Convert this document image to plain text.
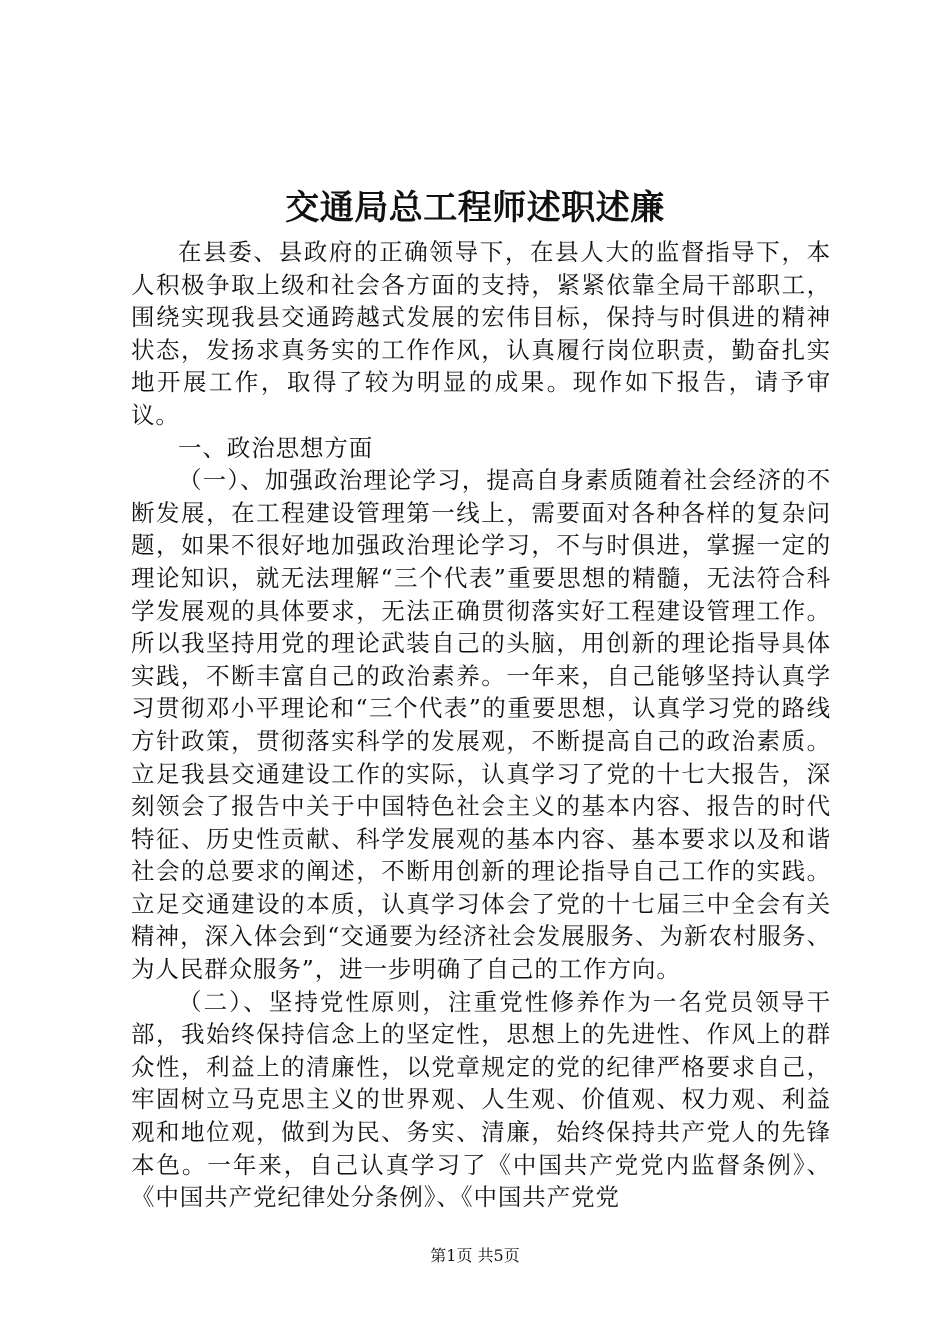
交通局总工程师述职述廉

在县委、县政府的正确领导下，在县人大的监督指导下，本人积极争取上级和社会各方面的支持，紧紧依靠全局干部职工，围绕实现我县交通跨越式发展的宏伟目标，保持与时俱进的精神状态，发扬求真务实的工作作风，认真履行岗位职责，勤奋扎实地开展工作，取得了较为明显的成果。现作如下报告，请予审议。

一、政治思想方面

（一）、加强政治理论学习，提高自身素质随着社会经济的不断发展，在工程建设管理第一线上，需要面对各种各样的复杂问题，如果不很好地加强政治理论学习，不与时俱进，掌握一定的理论知识，就无法理解“三个代表”重要思想的精髓，无法符合科学发展观的具体要求，无法正确贯彻落实好工程建设管理工作。所以我坚持用党的理论武装自己的头脑，用创新的理论指导具体实践，不断丰富自己的政治素养。一年来，自己能够坚持认真学习贯彻邓小平理论和“三个代表”的重要思想，认真学习党的路线方针政策，贯彻落实科学的发展观，不断提高自己的政治素质。立足我县交通建设工作的实际，认真学习了党的十七大报告，深刻领会了报告中关于中国特色社会主义的基本内容、报告的时代特征、历史性贡献、科学发展观的基本内容、基本要求以及和谐社会的总要求的阐述，不断用创新的理论指导自己工作的实践。立足交通建设的本质，认真学习体会了党的十七届三中全会有关精神，深入体会到“交通要为经济社会发展服务、为新农村服务、为人民群众服务”，进一步明确了自己的工作方向。

（二）、坚持党性原则，注重党性修养作为一名党员领导干部，我始终保持信念上的坚定性，思想上的先进性、作风上的群众性，利益上的清廉性，以党章规定的党的纪律严格要求自己，牢固树立马克思主义的世界观、人生观、价值观、权力观、利益观和地位观，做到为民、务实、清廉，始终保持共产党人的先锋本色。一年来，自己认真学习了《中国共产党党内监督条例》、《中国共产党纪律处分条例》、《中国共产党党

第1页 共5页
